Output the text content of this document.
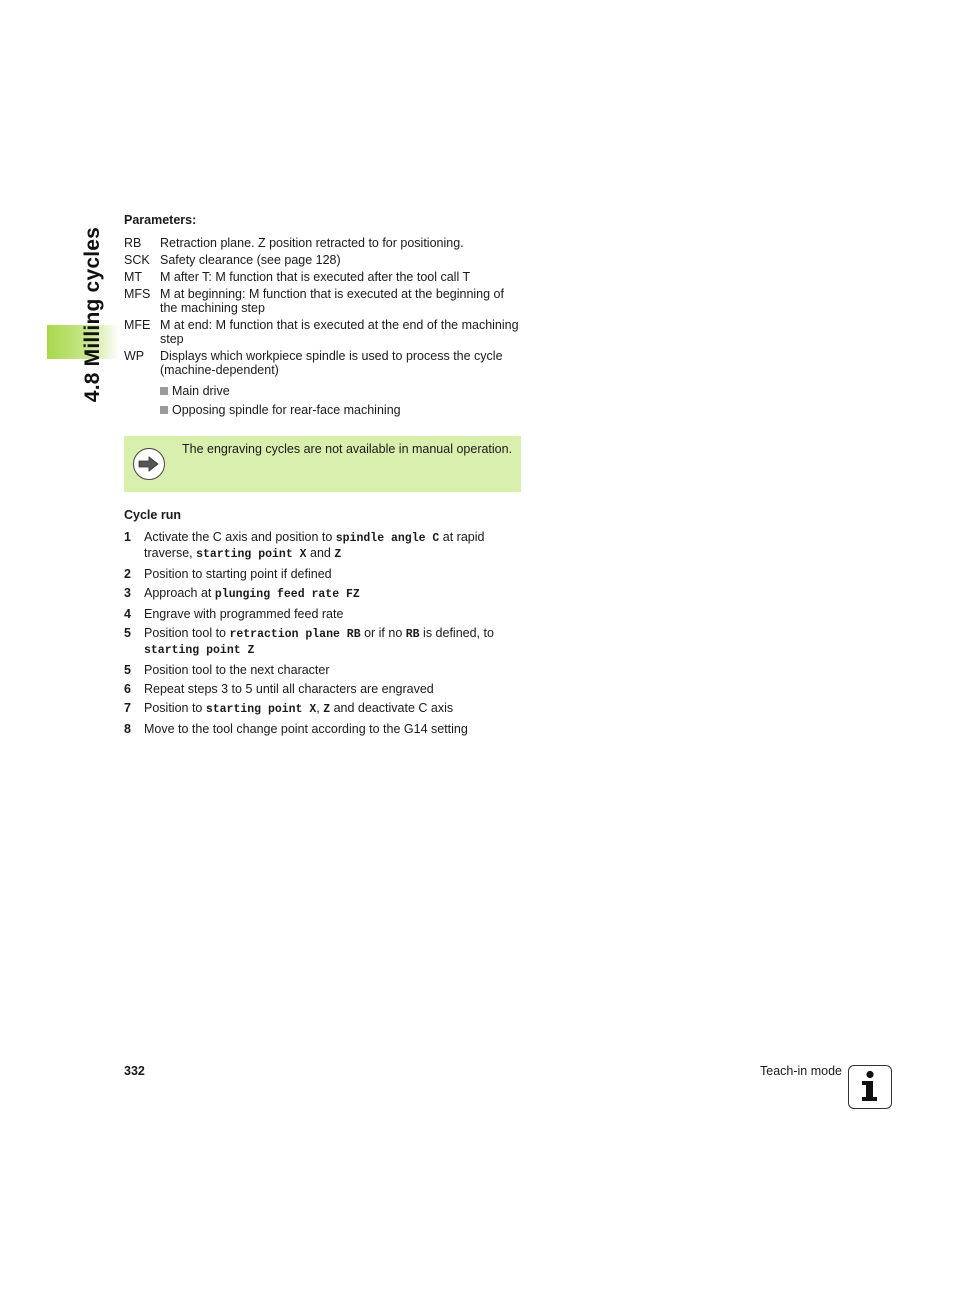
4.8 Milling cycles

Parameters:

RB	Retraction plane. Z position retracted to for positioning.
SCK Safety clearance (see page 128)
MT	M after T: M function that is executed after the tool call T
MFS M at beginning: M function that is executed at the beginning of the machining step
MFE M at end: M function that is executed at the end of the machining step
WP	Displays which workpiece spindle is used to process the cycle (machine-dependent)
Main drive
Opposing spindle for rear-face machining
The engraving cycles are not available in manual operation.

Cycle run

1	Activate the C axis and position to spindle angle C at rapid traverse, starting point X and Z
2	Position to starting point if defined
3	Approach at plunging feed rate FZ
4	Engrave with programmed feed rate
5	Position tool to retraction plane RB or if no RB is defined, to starting point Z
5	Position tool to the next character
6	Repeat steps 3 to 5 until all characters are engraved
7	Position to starting point X, Z and deactivate C axis
8	Move to the tool change point according to the G14 setting
332	Teach-in mode
